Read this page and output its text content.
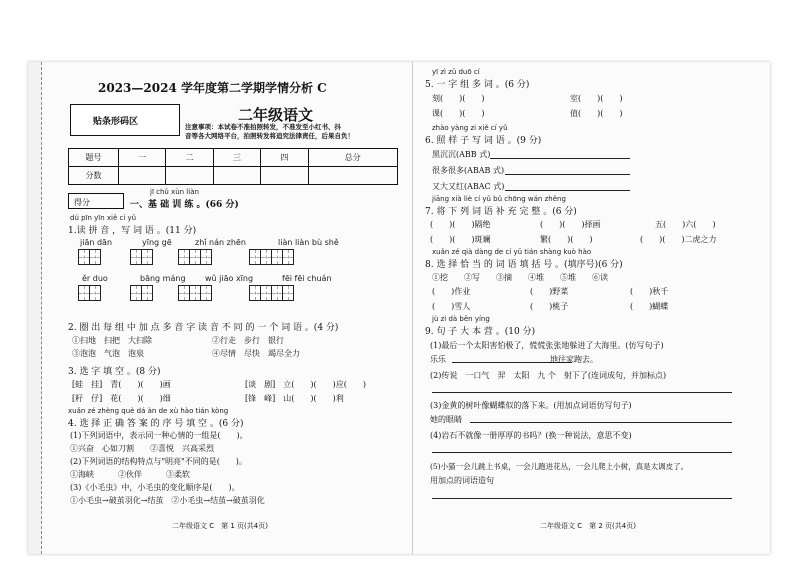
2023—2024 学年度第二学期学情分析 C
贴条形码区	二年级语文
注意事项：本试卷不准拍照转发，不准发至小红书、抖
音等各大网络平台，拍照转发将追究法律责任，后果自负！
题号	一	二	三	四	总分
分数					
得分
jī chǔ xùn liàn
一、基 础 训 练 。(66 分)
dú pīn yīn xiě cí yǔ
1.读 拼 音 ，写 词 语 。(11 分)
jiān dān	yīng gē	zhǐ nán zhēn	liàn liàn bù shě
ěr duo	bāng máng wǔ jiāo xīng	fēi fēi chuán
2. 圈 出 每 组 中 加 点 多 音 字 读 音 不 同 的 一 个 词 语 。(4 分)
①扫地　扫把　大扫除	②行走　步行　银行
③泡泡　气泡　泡泉	④尽情　尽快　竭尽全力
3. 选 字 填 空 。(8 分)
[蛙　挂]　青(　　)(　　)画	[谈　剧]　立(　　)(　　)应(　　)
[籽　仔]　花(　　)(　　)细	[锋　峰]　山(　　)(　　)利
xuǎn zé zhèng què dá àn de xù hào tián kòng
4. 选 择 正 确 答 案 的 序 号 填 空 。(6 分)
(1)下列词语中，表示同一种心情的一组是(　　)。
①兴奋　心如刀割　　②喜悦　兴高采烈
(2)下列词语的结构特点与"明亮"不同的是(　　)。
①海峡　　　②伙伴　　　③柔软
(3)《小毛虫》中，小毛虫的变化顺序是(　　)。
①小毛虫→破茧羽化→结茧　②小毛虫→结茧→破茧羽化
二年级语文 C　第 1 页(共4页)
yī zì zǔ duō cí
5. 一 字 组 多 词 。(6 分)
刻(　　)(　　)	室(　　)(　　)
课(　　)(　　)	值(　　)(　　)
zhào yàng zi xiě cí yǔ
6. 照 样 子 写 词 语 。(9 分)
黑沉沉(ABB 式)
很多很多(ABAB 式)
又大又红(ABAC 式)
jiāng xià liè cí yǔ bǔ chōng wán zhěng
7. 将 下 列 词 语 补 充 完 整 。(6 分)
(　　)(　　)隔绝	(　　)(　　)择画	五(　　)六(　　)
(　　)(　　)斑斓	繁(　　)(　　)	(　　)(　　)二虎之力
xuǎn zé qià dàng de cí yǔ tián shàng kuò hào
8. 选 择 恰 当 的 词 语 填 括 号 。(填序号)(6 分)
①挖　　②写　　③摘　　④堆　　⑤堆　　⑥读
(　　)作业	(　　)野菜	(　　)秋千
(　　)雪人	(　　)桃子	(　　)蝴蝶
jù zi dà běn yíng
9. 句 子 大 本 营 。(10 分)
(1)最后一个太阳害怕极了，慌慌张张地躲进了大海里。(仿写句子)
乐乐　　　　　　　　　　　　　地往家跑去。
(2)传说　一口气　羿　太阳　九 个　射下了(连词成句，并加标点)
(3)金黄的树叶像蝴蝶似的落下来。(用加点词语仿写句子)
她的眼睛
(4)岩石不就像一册厚厚的书吗？(换一种说法，意思不变)
(5)小猫一会儿跳上书桌，一会儿跑进花丛，一会儿爬上小树，真是太调皮了。
用加点的词语造句
二年级语文 C　第 2 页(共4页)
